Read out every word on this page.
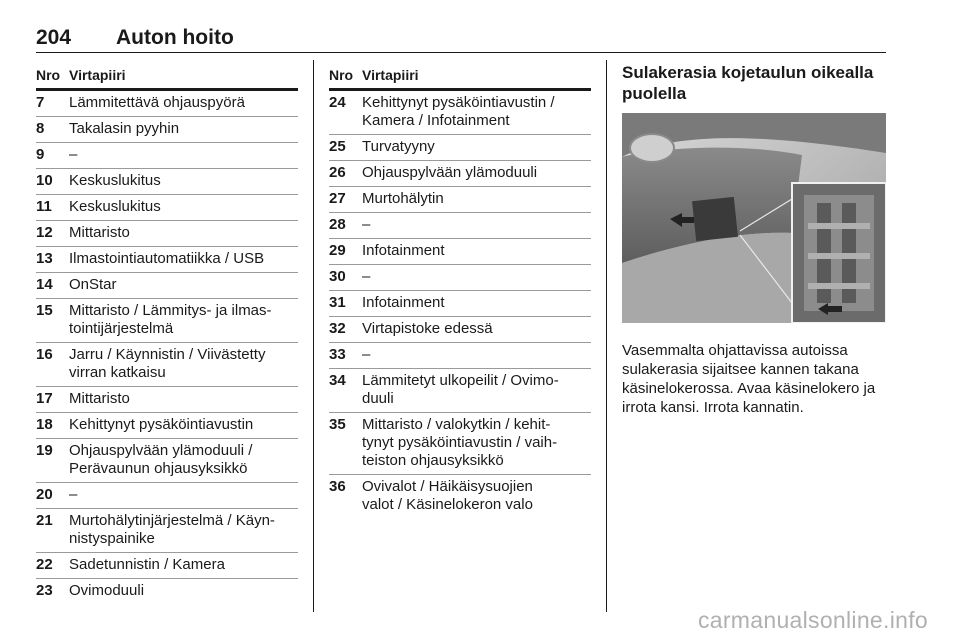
204 Auton hoito
Nro Virtapiiri
7	Lämmitettävä ohjauspyörä
8	Takalasin pyyhin
9	–
10	Keskuslukitus
11	Keskuslukitus
12	Mittaristo
13	Ilmastointiautomatiikka / USB
14	OnStar
15	Mittaristo / Lämmitys- ja ilmas-
tointijärjestelmä
16	Jarru / Käynnistin / Viivästetty
virran katkaisu
17	Mittaristo
18	Kehittynyt pysäköintiavustin
19	Ohjauspylvään ylämoduuli /
Perävaunun ohjausyksikkö
20	–
21	Murtohälytinjärjestelmä / Käyn-
nistyspainike
22	Sadetunnistin / Kamera
23	Ovimoduuli
Nro Virtapiiri
24	Kehittynyt pysäköintiavustin /
Kamera / Infotainment
25	Turvatyyny
26	Ohjauspylvään ylämoduuli
27	Murtohälytin
28	–
29	Infotainment
30	–
31	Infotainment
32	Virtapistoke edessä
33	–
34	Lämmitetyt ulkopeilit / Ovimo-
duuli
35	Mittaristo / valokytkin / kehit-
tynyt pysäköintiavustin / vaih-
teiston ohjausyksikkö
36	Ovivalot / Häikäisysuojien
valot / Käsinelokeron valo
Sulakerasia kojetaulun oikealla puolella
Vasemmalta ohjattavissa autoissa sulakerasia sijaitsee kannen takana käsinelokerossa. Avaa käsinelokero ja irrota kansi. Irrota kannatin.
carmanualsonline.info
